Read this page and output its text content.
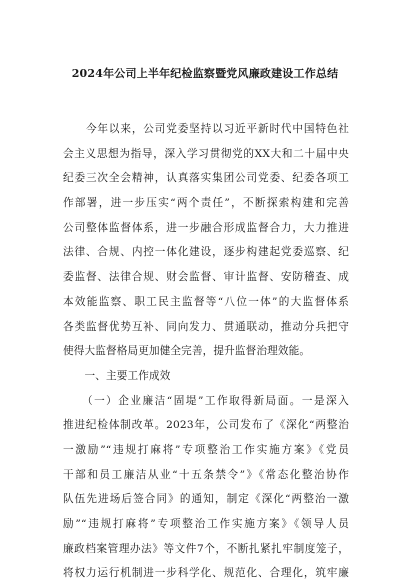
2024年公司上半年纪检监察暨党风廉政建设工作总结
　　今年以来，公司党委坚持以习近平新时代中国特色社
会主义思想为指导，深入学习贯彻党的XX大和二十届中央
纪委三次全会精神，认真落实集团公司党委、纪委各项工
作部署，进一步压实“两个责任”，不断探索构建和完善
公司整体监督体系，进一步融合形成监督合力，大力推进
法律、合规、内控一体化建设，逐步构建起党委巡察、纪
委监督、法律合规、财会监督、审计监督、安防稽查、成
本效能监察、职工民主监督等“八位一体”的大监督体系
各类监督优势互补、同向发力、贯通联动，推动分兵把守
使得大监督格局更加健全完善，提升监督治理效能。
　　一、主要工作成效
　　（一）企业廉洁“固堤”工作取得新局面。一是深入
推进纪检体制改革。2023年，公司发布了《深化“两整治
一激励”“违规打麻将”专项整治工作实施方案》《党员
干部和员工廉洁从业“十五条禁令”》《常态化整治协作
队伍先进场后签合同》的通知，制定《深化“两整治一激
励”“违规打麻将”专项整治工作实施方案》《领导人员
廉政档案管理办法》等文件7个，不断扎紧扎牢制度笼子，
将权力运行机制进一步科学化、规范化、合理化，筑牢廉
